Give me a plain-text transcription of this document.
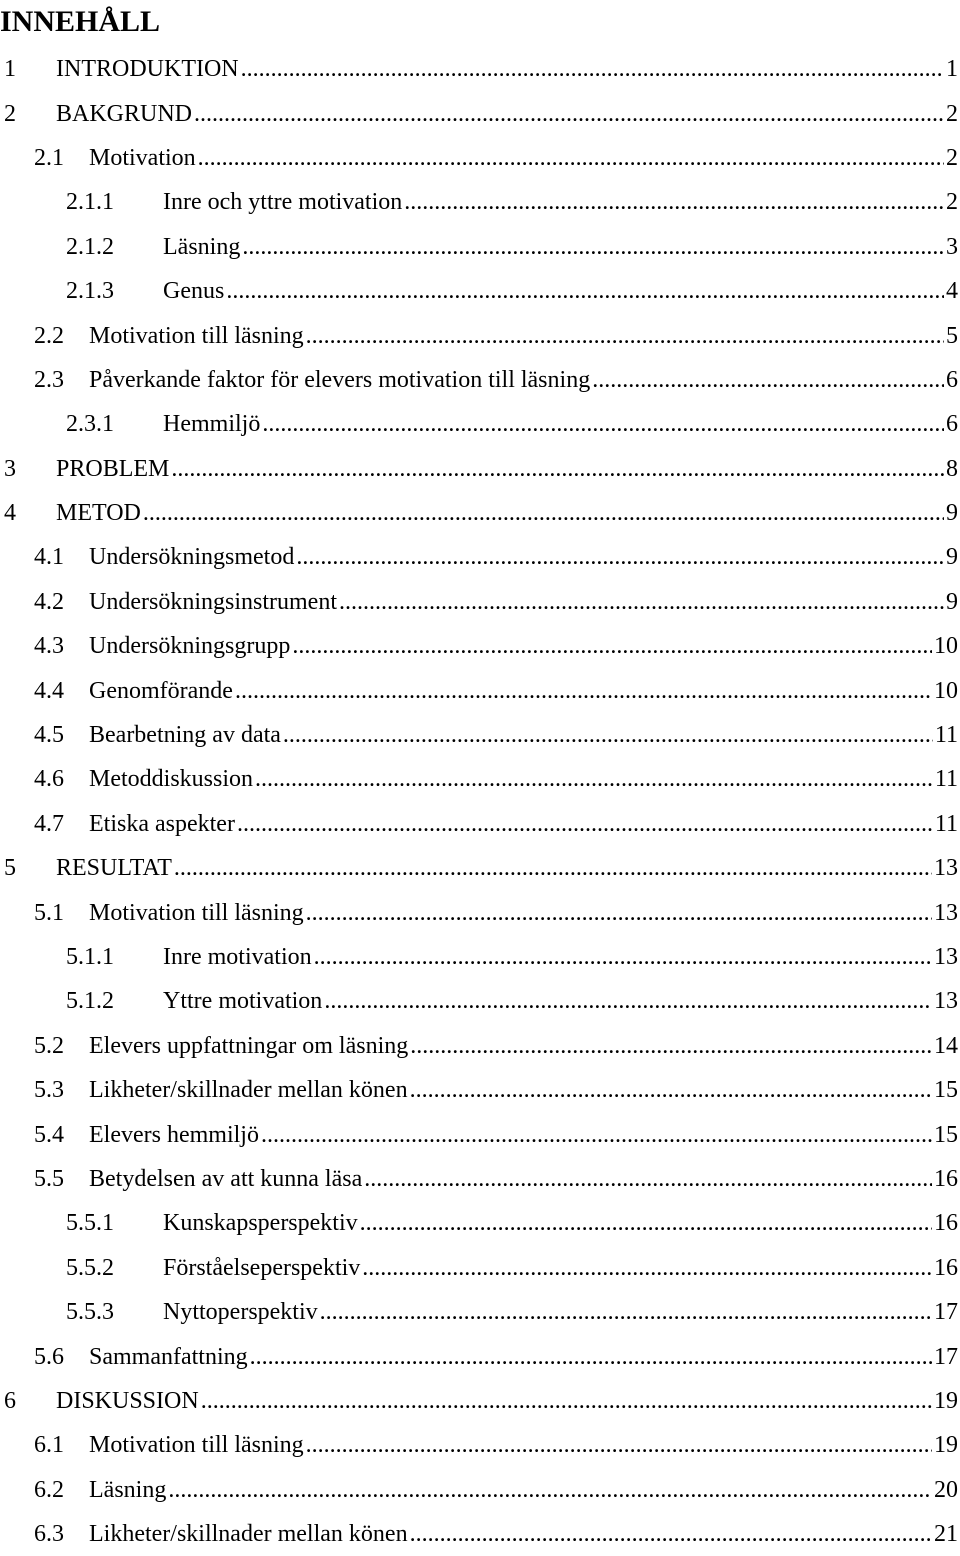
INNEHÅLL
1	INTRODUKTION .....	1
2	BAKGRUND .....	2
2.1	Motivation .....	2
2.1.1	Inre och yttre motivation .....	2
2.1.2	Läsning .....	3
2.1.3	Genus .....	4
2.2	Motivation till läsning .....	5
2.3	Påverkande faktor för elevers motivation till läsning .....	6
2.3.1	Hemmiljö .....	6
3	PROBLEM .....	8
4	METOD .....	9
4.1	Undersökningsmetod .....	9
4.2	Undersökningsinstrument .....	9
4.3	Undersökningsgrupp .....	10
4.4	Genomförande .....	10
4.5	Bearbetning av data .....	11
4.6	Metoddiskussion .....	11
4.7	Etiska aspekter .....	11
5	RESULTAT .....	13
5.1	Motivation till läsning .....	13
5.1.1	Inre motivation .....	13
5.1.2	Yttre motivation .....	13
5.2	Elevers uppfattningar om läsning .....	14
5.3	Likheter/skillnader mellan könen .....	15
5.4	Elevers hemmiljö .....	15
5.5	Betydelsen av att kunna läsa .....	16
5.5.1	Kunskapsperspektiv .....	16
5.5.2	Förståelseperspektiv .....	16
5.5.3	Nyttoperspektiv .....	17
5.6	Sammanfattning .....	17
6	DISKUSSION .....	19
6.1	Motivation till läsning .....	19
6.2	Läsning .....	20
6.3	Likheter/skillnader mellan könen .....	21
